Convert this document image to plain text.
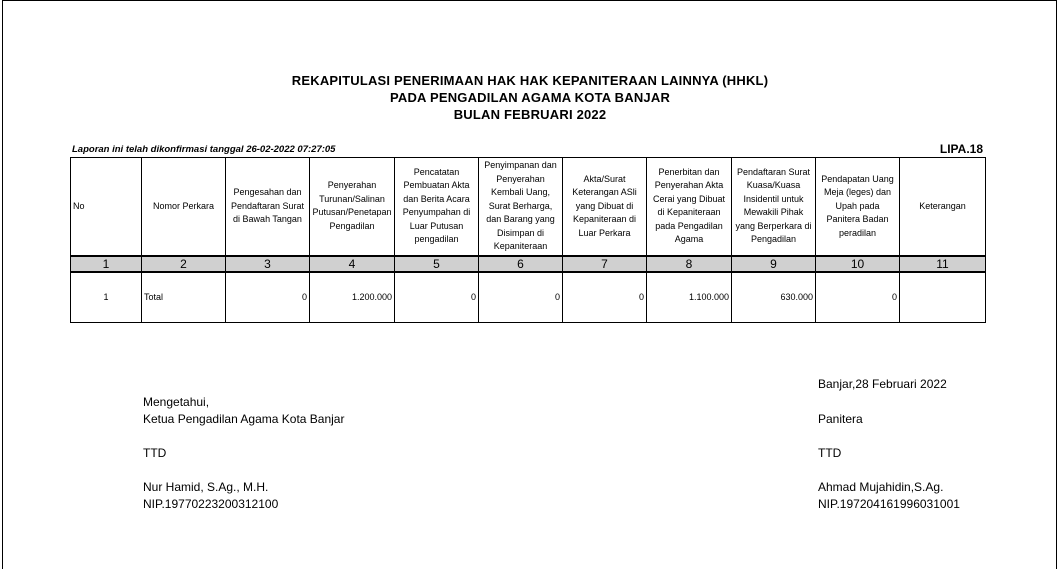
REKAPITULASI PENERIMAAN HAK HAK KEPANITERAAN LAINNYA (HHKL)
PADA PENGADILAN AGAMA KOTA BANJAR
BULAN FEBRUARI 2022
Laporan ini telah dikonfirmasi tanggal 26-02-2022 07:27:05	LIPA.18
No	Nomor Perkara	Pengesahan dan Pendaftaran Surat di Bawah Tangan	Penyerahan Turunan/Salinan Putusan/Penetapan Pengadilan	Pencatatan Pembuatan Akta dan Berita Acara Penyumpahan di Luar Putusan pengadilan	Penyimpanan dan Penyerahan Kembali Uang, Surat Berharga, dan Barang yang Disimpan di Kepaniteraan	Akta/Surat Keterangan ASli yang Dibuat di Kepaniteraan di Luar Perkara	Penerbitan dan Penyerahan Akta Cerai yang Dibuat di Kepaniteraan pada Pengadilan Agama	Pendaftaran Surat Kuasa/Kuasa Insidentil untuk Mewakili Pihak yang Berperkara di Pengadilan	Pendapatan Uang Meja (leges) dan Upah pada Panitera Badan peradilan	Keterangan
1	2	3	4	5	6	7	8	9	10	11
1	Total	0	1.200.000	0	0	0	1.100.000	630.000	0	
Mengetahui,
Ketua Pengadilan Agama Kota Banjar
TTD
Nur Hamid, S.Ag., M.H.
NIP.19770223200312100
Banjar,28 Februari 2022
Panitera
TTD
Ahmad Mujahidin,S.Ag.
NIP.197204161996031001
